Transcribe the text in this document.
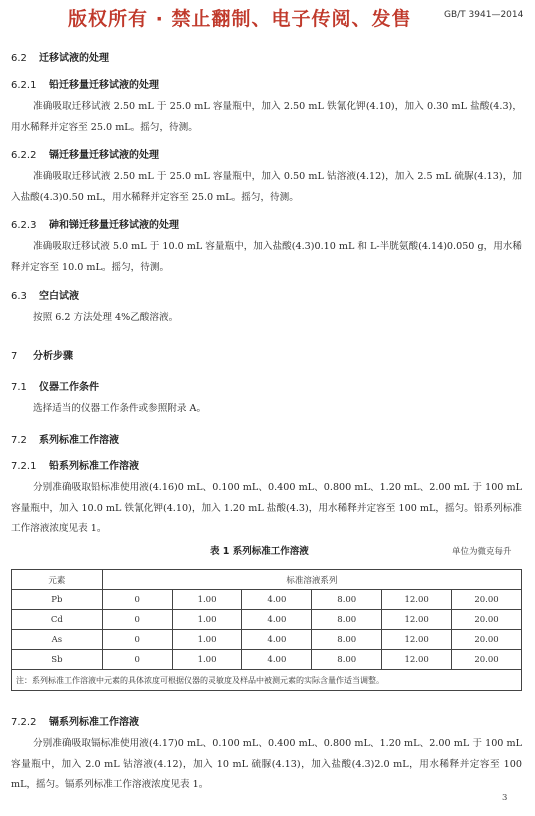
GB/T 3941—2014
版权所有 · 禁止翻制、电子传阅、发售
6.2 迁移试液的处理
6.2.1 铅迁移量迁移试液的处理
准确吸取迁移试液 2.50 mL 于 25.0 mL 容量瓶中，加入 2.50 mL 铁氰化钾(4.10)，加入 0.30 mL 盐酸(4.3)，用水稀释并定容至 25.0 mL。摇匀，待测。
6.2.2 镉迁移量迁移试液的处理
准确吸取迁移试液 2.50 mL 于 25.0 mL 容量瓶中，加入 0.50 mL 钴溶液(4.12)，加入 2.5 mL 硫脲(4.13)，加入盐酸(4.3)0.50 mL，用水稀释并定容至 25.0 mL。摇匀，待测。
6.2.3 砷和锑迁移量迁移试液的处理
准确吸取迁移试液 5.0 mL 于 10.0 mL 容量瓶中，加入盐酸(4.3)0.10 mL 和 L-半胱氨酸(4.14)0.050 g，用水稀释并定容至 10.0 mL。摇匀，待测。
6.3 空白试液
按照 6.2 方法处理 4%乙酸溶液。
7 分析步骤
7.1 仪器工作条件
选择适当的仪器工作条件或参照附录 A。
7.2 系列标准工作溶液
7.2.1 铅系列标准工作溶液
分别准确吸取铅标准使用液(4.16)0 mL、0.100 mL、0.400 mL、0.800 mL、1.20 mL、2.00 mL 于 100 mL 容量瓶中，加入 10.0 mL 铁氰化钾(4.10)，加入 1.20 mL 盐酸(4.3)，用水稀释并定容至 100 mL，摇匀。铅系列标准工作溶液浓度见表 1。
表 1 系列标准工作溶液	单位为微克每升
元素	标准溶液系列					
Pb	0	1.00	4.00	8.00	12.00	20.00
Cd	0	1.00	4.00	8.00	12.00	20.00
As	0	1.00	4.00	8.00	12.00	20.00
Sb	0	1.00	4.00	8.00	12.00	20.00
注：系列标准工作溶液中元素的具体浓度可根据仪器的灵敏度及样品中被测元素的实际含量作适当调整。						
7.2.2 镉系列标准工作溶液
分别准确吸取镉标准使用液(4.17)0 mL、0.100 mL、0.400 mL、0.800 mL、1.20 mL、2.00 mL 于 100 mL 容量瓶中，加入 2.0 mL 钴溶液(4.12)，加入 10 mL 硫脲(4.13)，加入盐酸(4.3)2.0 mL，用水稀释并定容至 100 mL，摇匀。镉系列标准工作溶液浓度见表 1。
3
